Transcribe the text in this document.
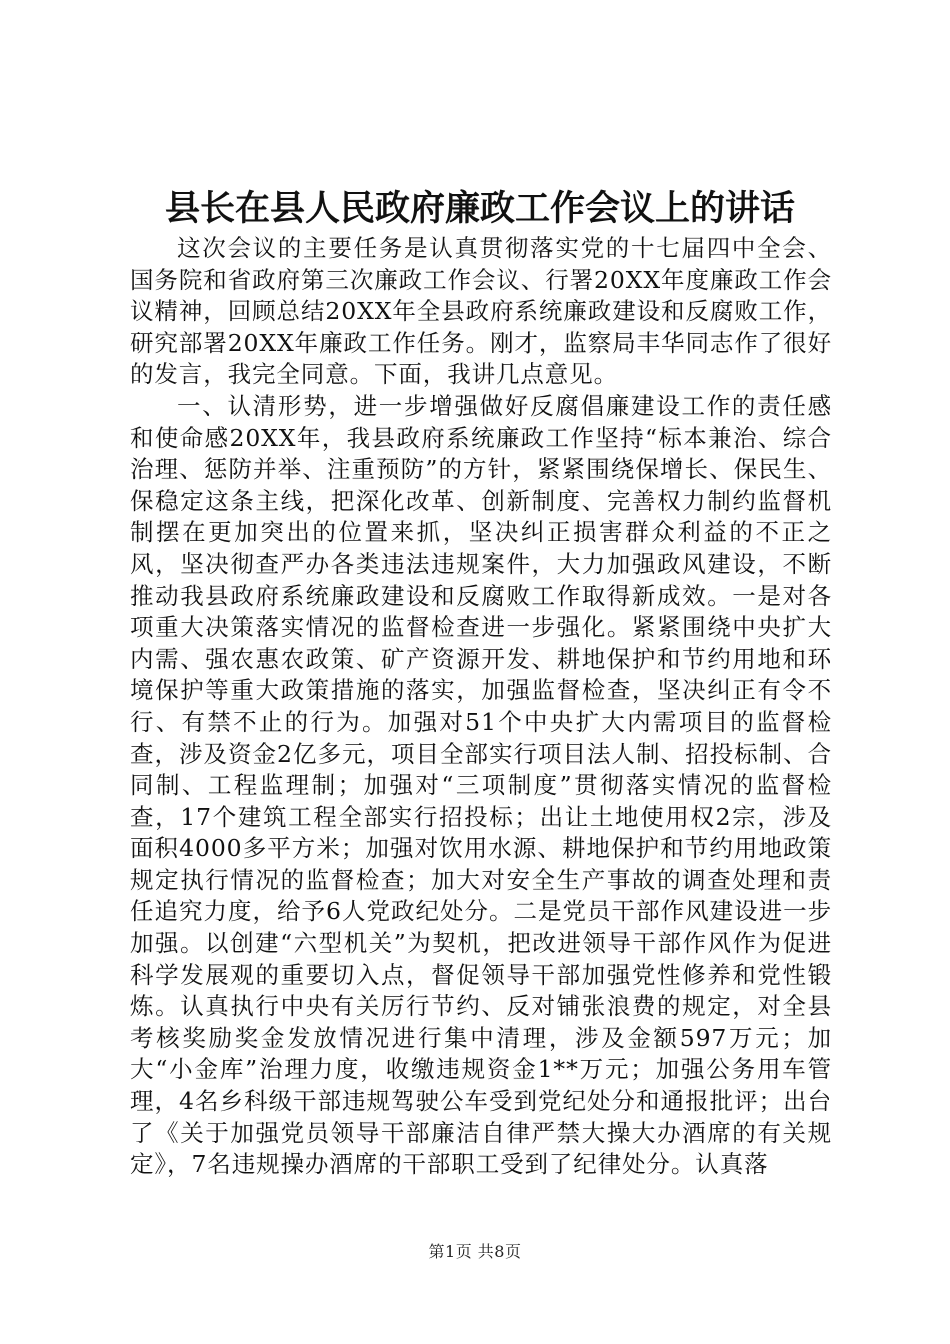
县长在县人民政府廉政工作会议上的讲话

这次会议的主要任务是认真贯彻落实党的十七届四中全会、国务院和省政府第三次廉政工作会议、行署20XX年度廉政工作会议精神，回顾总结20XX年全县政府系统廉政建设和反腐败工作，研究部署20XX年廉政工作任务。刚才，监察局丰华同志作了很好的发言，我完全同意。下面，我讲几点意见。

一、认清形势，进一步增强做好反腐倡廉建设工作的责任感和使命感20XX年，我县政府系统廉政工作坚持“标本兼治、综合治理、惩防并举、注重预防”的方针，紧紧围绕保增长、保民生、保稳定这条主线，把深化改革、创新制度、完善权力制约监督机制摆在更加突出的位置来抓，坚决纠正损害群众利益的不正之风，坚决彻查严办各类违法违规案件，大力加强政风建设，不断推动我县政府系统廉政建设和反腐败工作取得新成效。一是对各项重大决策落实情况的监督检查进一步强化。紧紧围绕中央扩大内需、强农惠农政策、矿产资源开发、耕地保护和节约用地和环境保护等重大政策措施的落实，加强监督检查，坚决纠正有令不行、有禁不止的行为。加强对51个中央扩大内需项目的监督检查，涉及资金2亿多元，项目全部实行项目法人制、招投标制、合同制、工程监理制；加强对“三项制度”贯彻落实情况的监督检查，17个建筑工程全部实行招投标；出让土地使用权2宗，涉及面积4000多平方米；加强对饮用水源、耕地保护和节约用地政策规定执行情况的监督检查；加大对安全生产事故的调查处理和责任追究力度，给予6人党政纪处分。二是党员干部作风建设进一步加强。以创建“六型机关”为契机，把改进领导干部作风作为促进科学发展观的重要切入点，督促领导干部加强党性修养和党性锻炼。认真执行中央有关厉行节约、反对铺张浪费的规定，对全县考核奖励奖金发放情况进行集中清理，涉及金额597万元；加大“小金库”治理力度，收缴违规资金1**万元；加强公务用车管理，4名乡科级干部违规驾驶公车受到党纪处分和通报批评；出台了《关于加强党员领导干部廉洁自律严禁大操大办酒席的有关规定》，7名违规操办酒席的干部职工受到了纪律处分。认真落

第1页 共8页
